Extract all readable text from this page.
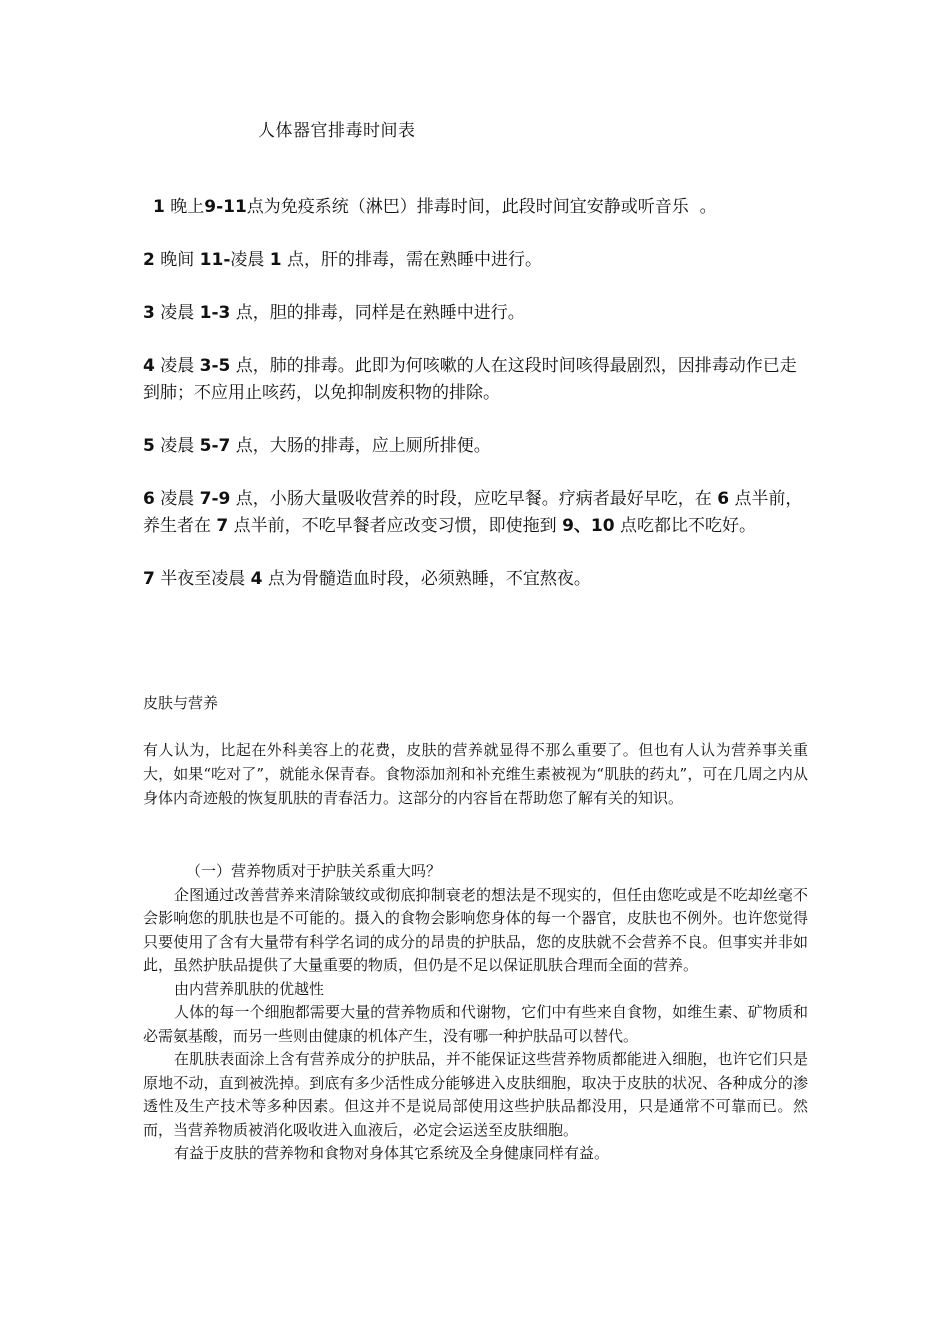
人体器官排毒时间表
1 晚上9-11点为免疫系统（淋巴）排毒时间，此段时间宜安静或听音乐 。
2 晚间 11-凌晨 1 点，肝的排毒，需在熟睡中进行。
3 凌晨 1-3 点，胆的排毒，同样是在熟睡中进行。
4 凌晨 3-5 点，肺的排毒。此即为何咳嗽的人在这段时间咳得最剧烈，因排毒动作已走到肺；不应用止咳药，以免抑制废积物的排除。
5 凌晨 5-7 点，大肠的排毒，应上厕所排便。
6 凌晨 7-9 点，小肠大量吸收营养的时段，应吃早餐。疗病者最好早吃，在 6 点半前，养生者在 7 点半前，不吃早餐者应改变习惯，即使拖到 9、10 点吃都比不吃好。
7 半夜至凌晨 4 点为骨髓造血时段，必须熟睡，不宜熬夜。
皮肤与营养
有人认为，比起在外科美容上的花费，皮肤的营养就显得不那么重要了。但也有人认为营养事关重大，如果“吃对了”，就能永保青春。食物添加剂和补充维生素被视为“肌肤的药丸”，可在几周之内从身体内奇迹般的恢复肌肤的青春活力。这部分的内容旨在帮助您了解有关的知识。

（一）营养物质对于护肤关系重大吗？

企图通过改善营养来清除皱纹或彻底抑制衰老的想法是不现实的，但任由您吃或是不吃却丝毫不会影响您的肌肤也是不可能的。摄入的食物会影响您身体的每一个器官，皮肤也不例外。也许您觉得只要使用了含有大量带有科学名词的成分的昂贵的护肤品，您的皮肤就不会营养不良。但事实并非如此，虽然护肤品提供了大量重要的物质，但仍是不足以保证肌肤合理而全面的营养。

由内营养肌肤的优越性

人体的每一个细胞都需要大量的营养物质和代谢物，它们中有些来自食物，如维生素、矿物质和必需氨基酸，而另一些则由健康的机体产生，没有哪一种护肤品可以替代。

在肌肤表面涂上含有营养成分的护肤品，并不能保证这些营养物质都能进入细胞，也许它们只是原地不动，直到被洗掉。到底有多少活性成分能够进入皮肤细胞，取决于皮肤的状况、各种成分的渗透性及生产技术等多种因素。但这并不是说局部使用这些护肤品都没用，只是通常不可靠而已。然而，当营养物质被消化吸收进入血液后，必定会运送至皮肤细胞。

有益于皮肤的营养物和食物对身体其它系统及全身健康同样有益。
